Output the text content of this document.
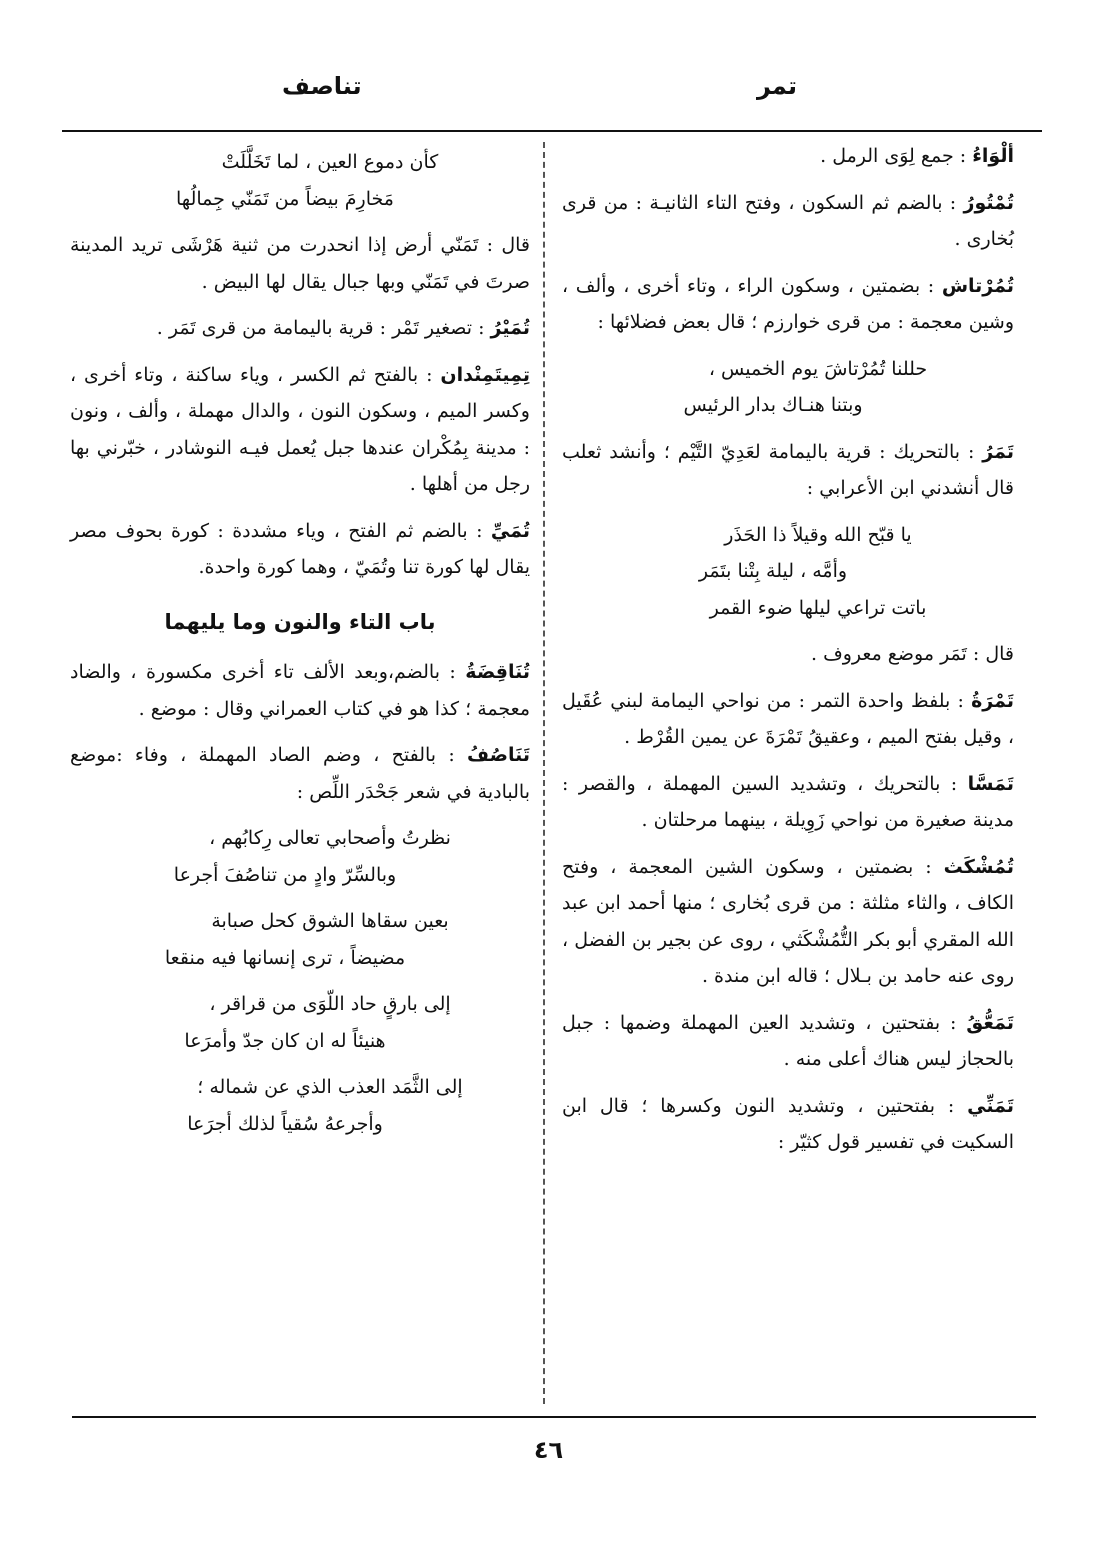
تمر
تناصف
ألْوَاءُ : جمع لِوَى الرمل .
تُمْتُورُ : بالضم ثم السكون ، وفتح التاء الثانيـة : من قرى بُخارى .
تُمُرْتاش : بضمتين ، وسكون الراء ، وتاء أخرى ، وألف ، وشين معجمة : من قرى خوارزم ؛ قال بعض فضلائها :
حللنا تُمُرْتاشَ يوم الخميس ،
وبتنا هنـاك بدار الرئيس
تَمَرُ : بالتحريك : قرية باليمامة لعَدِيّ التَّيْم ؛ وأنشد ثعلب قال أنشدني ابن الأعرابي :
يا قبّح الله وقيلاً ذا الحَذَر
وأمَّه ، ليلة بِتْنا بتَمَر
باتت تراعي ليلها ضوء القمر
قال : تَمَر موضع معروف .
تَمْرَةُ : بلفظ واحدة التمر : من نواحي اليمامة لبني عُقَيل ، وقيل بفتح الميم ، وعقيقُ تَمْرَةَ عن يمين القُرْط .
تَمَسَّا : بالتحريك ، وتشديد السين المهملة ، والقصر : مدينة صغيرة من نواحي زَوِيلة ، بينهما مرحلتان .
تُمُشْكَث : بضمتين ، وسكون الشين المعجمة ، وفتح الكاف ، والثاء مثلثة : من قرى بُخارى ؛ منها أحمد ابن عبد الله المقري أبو بكر التُّمُشْكَثي ، روى عن بجير بن الفضل ، روى عنه حامد بن بـلال ؛ قاله ابن مندة .
تَمَعُّقُ : بفتحتين ، وتشديد العين المهملة وضمها : جبل بالحجاز ليس هناك أعلى منه .
تَمَنِّي : بفتحتين ، وتشديد النون وكسرها ؛ قال ابن السكيت في تفسير قول كثيّر :
كأن دموع العين ، لما تَخَلَّلَتْ
مَخارِمَ بيضاً من تَمَنّي جِمالُها
قال : تَمَنّي أرض إذا انحدرت من ثنية هَرْشَى تريد المدينة صرتَ في تَمَنّي وبها جبال يقال لها البيض .
تُمَيْرُ : تصغير تَمْر : قرية باليمامة من قرى تَمَر .
تِمِيتَمِنْدان : بالفتح ثم الكسر ، وياء ساكنة ، وتاء أخرى ، وكسر الميم ، وسكون النون ، والدال مهملة ، وألف ، ونون : مدينة بِمُكْران عندها جبل يُعمل فيـه النوشادر ، خبّرني بها رجل من أهلها .
تُمَيِّ : بالضم ثم الفتح ، وياء مشددة : كورة بحوف مصر يقال لها كورة تنا وتُمَيّ ، وهما كورة واحدة.
باب التاء والنون وما يليهما
تُنَاقِضَةُ : بالضم،وبعد الألف تاء أخرى مكسورة ، والضاد معجمة ؛ كذا هو في كتاب العمراني وقال : موضع .
تَنَاصُفُ : بالفتح ، وضم الصاد المهملة ، وفاء :موضع بالبادية في شعر جَحْدَر اللِّص :
نظرتُ وأصحابي تعالى رِكابُهم ،
وبالسِّرّ وادٍ من تناصُفَ أجرعا
بعين سقاها الشوق كحل صبابة
مضيضاً ، ترى إنسانها فيه منقعا
إلى بارقٍ حاد اللّوَى من قراقر ،
هنيئاً له ان كان جدّ وأمرَعا
إلى الثَّمَد العذب الذي عن شماله ؛
وأجرعهُ سُقياً لذلك أجرَعا
٤٦
